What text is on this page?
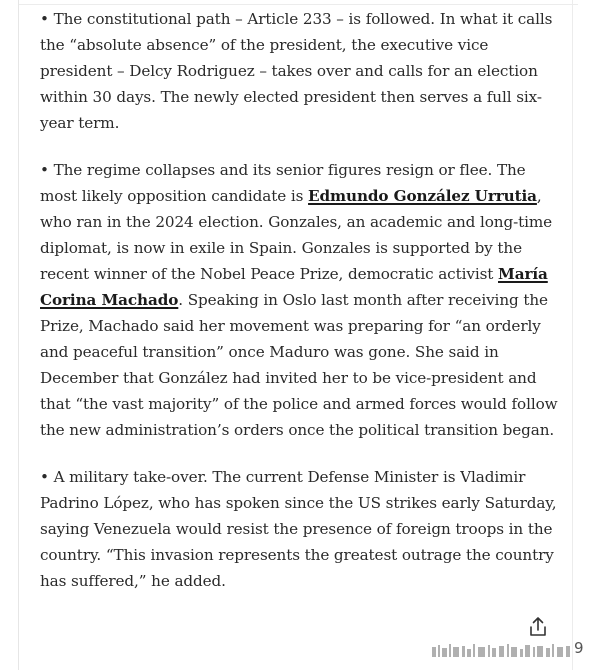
• The constitutional path – Article 233 – is followed. In what it calls the “absolute absence” of the president, the executive vice president – Delcy Rodriguez – takes over and calls for an election within 30 days. The newly elected president then serves a full six-year term.

• The regime collapses and its senior figures resign or flee. The most likely opposition candidate is Edmundo González Urrutia, who ran in the 2024 election. Gonzales, an academic and long-time diplomat, is now in exile in Spain. Gonzales is supported by the recent winner of the Nobel Peace Prize, democratic activist María Corina Machado. Speaking in Oslo last month after receiving the Prize, Machado said her movement was preparing for “an orderly and peaceful transition” once Maduro was gone. She said in December that González had invited her to be vice-president and that “the vast majority” of the police and armed forces would follow the new administration’s orders once the political transition began.

• A military take-over. The current Defense Minister is Vladimir Padrino López, who has spoken since the US strikes early Saturday, saying Venezuela would resist the presence of foreign troops in the country. “This invasion represents the greatest outrage the country has suffered,” he added.

9
